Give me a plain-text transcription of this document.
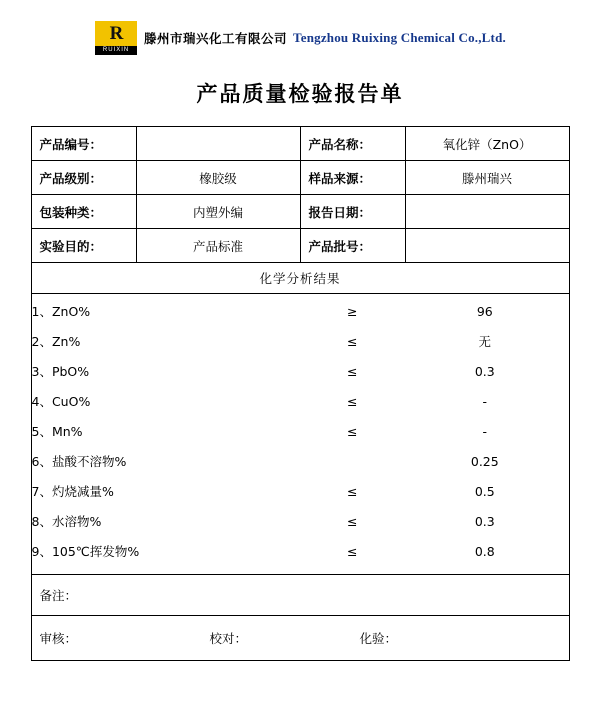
R
RUIXIN
滕州市瑞兴化工有限公司 Tengzhou Ruixing Chemical Co.,Ltd.
产品质量检验报告单
产品编号：		产品名称：	氧化锌（ZnO）
产品级别：	橡胶级	样品来源：	滕州瑞兴
包装种类：	内塑外编	报告日期：	
实验目的：	产品标准	产品批号：	
化学分析结果

1、ZnO%	≥	96
2、Zn%	≤	无
3、PbO%	≤	0.3
4、CuO%	≤	-
5、Mn%	≤	-
6、盐酸不溶物%		0.25
7、灼烧减量%	≤	0.5
8、水溶物%	≤	0.3
9、105℃挥发物%	≤	0.8

备注：

审核：	校对：	化验：
